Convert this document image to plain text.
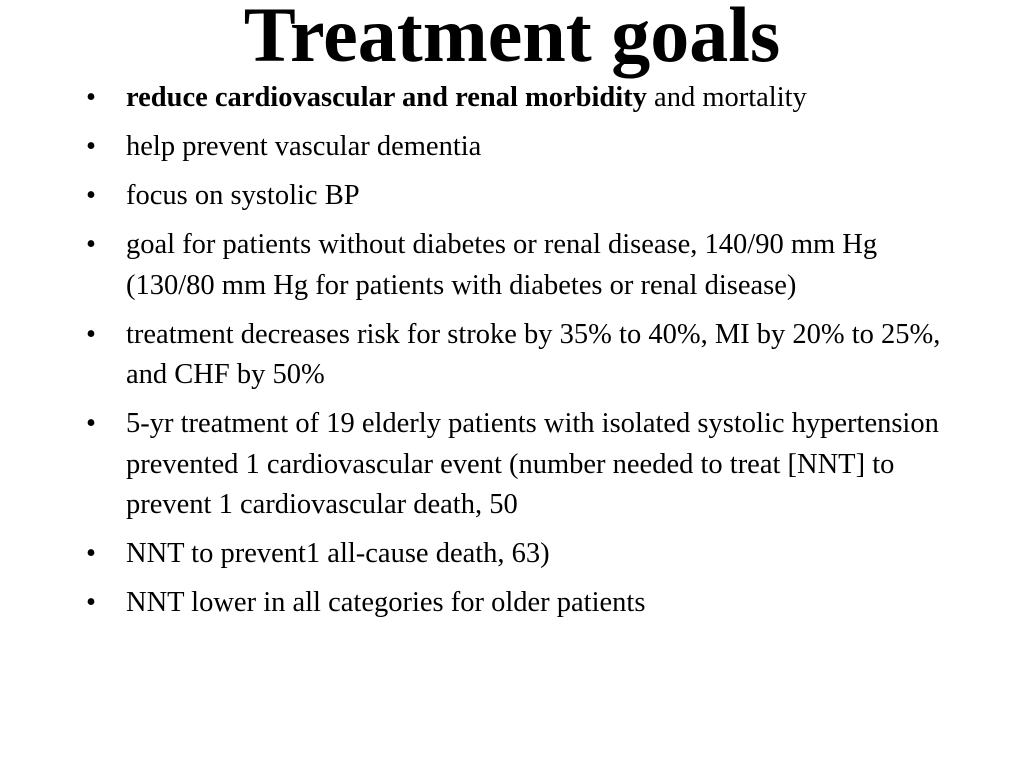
Treatment goals
•	reduce cardiovascular and renal morbidity and mortality
•	help prevent vascular dementia
•	focus on systolic BP
•	goal for patients without diabetes or renal disease, 140/90 mm Hg (130/80 mm Hg for patients with diabetes or renal disease)
•	treatment decreases risk for stroke by 35% to 40%, MI by 20% to 25%, and CHF by 50%
•	5-yr treatment of 19 elderly patients with isolated systolic hypertension prevented 1 cardiovascular event (number needed to treat [NNT] to prevent 1 cardiovascular death, 50
•	NNT to prevent1 all-cause death, 63)
•	NNT lower in all categories for older patients
